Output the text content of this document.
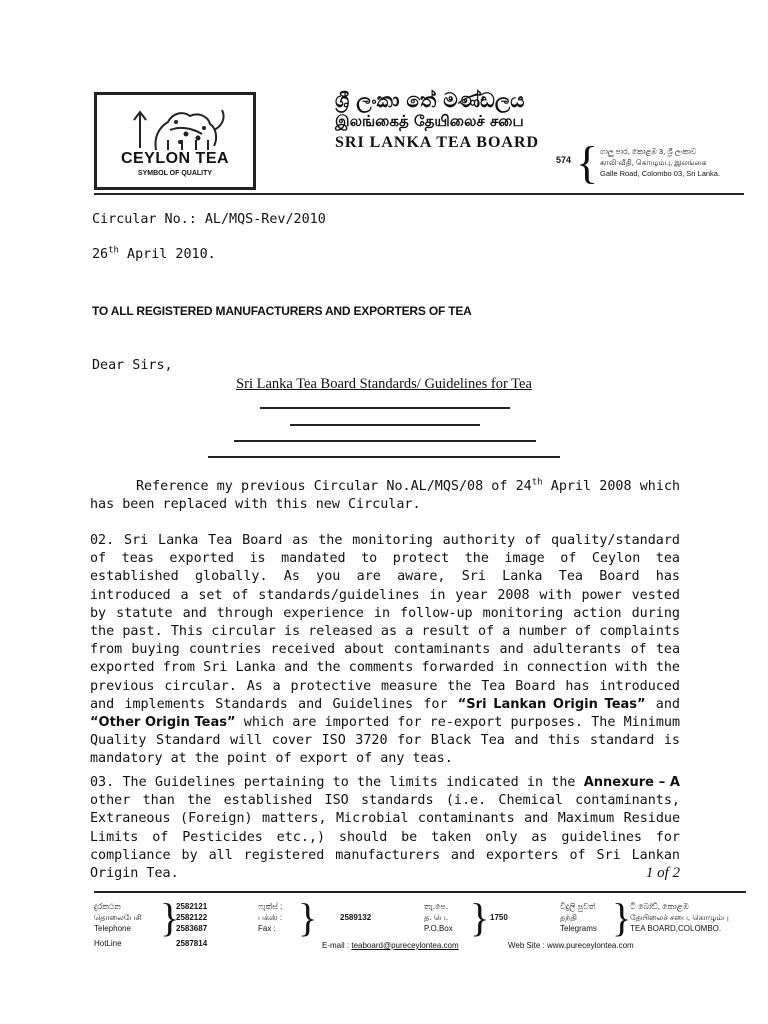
CEYLON TEA
SYMBOL OF QUALITY
ශ්‍රී ලංකා තේ මණ්ඩලය
இலங்கைத் தேயிலைச் சபை
SRI LANKA TEA BOARD
574 { ගාලු පාර, කොළඹ 3, ශ්‍රී ලංකාව
காலி வீதி, கொழும்பு, இலங்கை
Galle Road, Colombo 03, Sri Lanka.
Circular No.: AL/MQS-Rev/2010
26th April 2010.
TO ALL REGISTERED MANUFACTURERS AND EXPORTERS OF TEA
Dear Sirs,
Sri Lanka Tea Board Standards/ Guidelines for Tea
Reference my previous Circular No.AL/MQS/08 of 24th April 2008 which has been replaced with this new Circular.
02. Sri Lanka Tea Board as the monitoring authority of quality/standard of teas exported is mandated to protect the image of Ceylon tea established globally. As you are aware, Sri Lanka Tea Board has introduced a set of standards/guidelines in year 2008 with power vested by statute and through experience in follow-up monitoring action during the past. This circular is released as a result of a number of complaints from buying countries received about contaminants and adulterants of tea exported from Sri Lanka and the comments forwarded in connection with the previous circular. As a protective measure the Tea Board has introduced and implements Standards and Guidelines for “Sri Lankan Origin Teas” and “Other Origin Teas” which are imported for re-export purposes. The Minimum Quality Standard will cover ISO 3720 for Black Tea and this standard is mandatory at the point of export of any teas.
03. The Guidelines pertaining to the limits indicated in the Annexure – A other than the established ISO standards (i.e. Chemical contaminants, Extraneous (Foreign) matters, Microbial contaminants and Maximum Residue Limits of Pesticides etc.,) should be taken only as guidelines for compliance by all registered manufacturers and exporters of Sri Lankan Origin Tea.	1 of 2
දුරකථන
தொலைபேசி
Telephone }
2582121
2582122
2583687
HotLine	2587814
ෆැක්ස් :
பக்ஸ் :
Fax : }	2589132
තැ.පෙ.
த. பெ.
P.O.Box } 1750
විදුලි පුවත්
தந்தி
Telegrams }
ටී බෝඩ්, කොළඹ
தேயிலைச் சபை, கொழும்பு
TEA BOARD,COLOMBO.
E-mail : teaboard@pureceylontea.com	Web Site : www.pureceylontea.com
